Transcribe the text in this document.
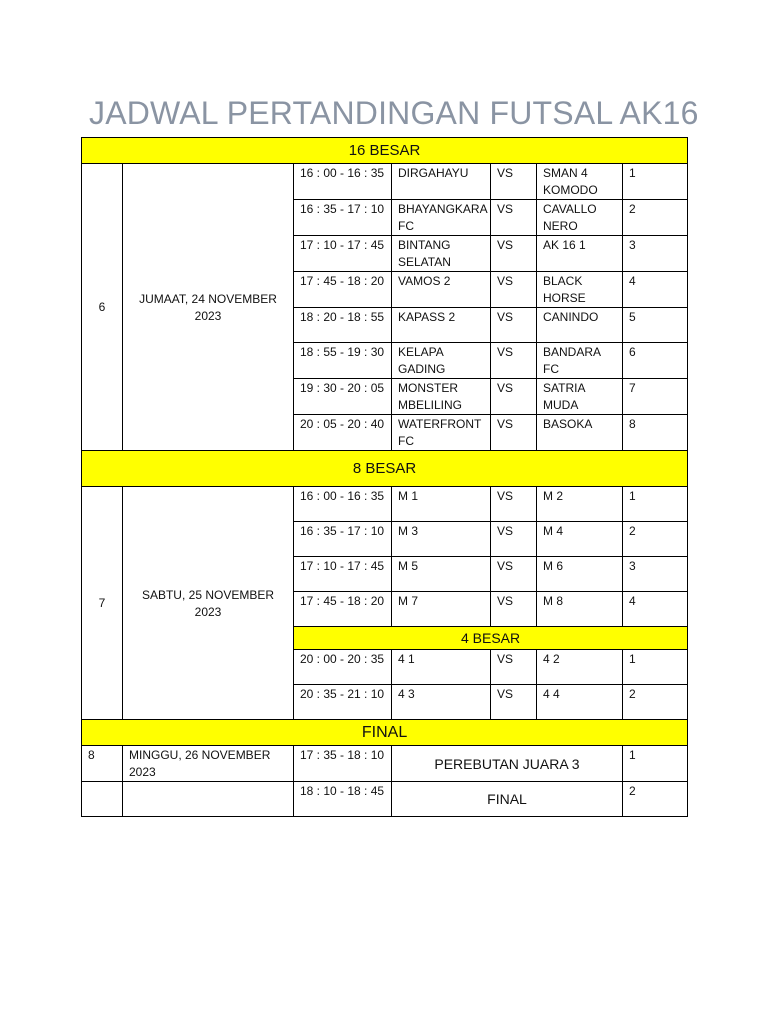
JADWAL PERTANDINGAN FUTSAL AK16
16 BESAR						
6	JUMAAT, 24 NOVEMBER 2023	16 : 00 - 16 : 35	DIRGAHAYU	VS	SMAN 4 KOMODO	1
		16 : 35 - 17 : 10	BHAYANGKARA FC	VS	CAVALLO NERO	2
		17 : 10 - 17 : 45	BINTANG SELATAN	VS	AK 16 1	3
		17 : 45 - 18 : 20	VAMOS 2	VS	BLACK HORSE	4
		18 : 20 - 18 : 55	KAPASS 2	VS	CANINDO	5
		18 : 55 - 19 : 30	KELAPA GADING	VS	BANDARA FC	6
		19 : 30 - 20 : 05	MONSTER MBELILING	VS	SATRIA MUDA	7
		20 : 05 - 20 : 40	WATERFRONT FC	VS	BASOKA	8
8 BESAR						
7	SABTU, 25 NOVEMBER 2023	16 : 00 - 16 : 35	M 1	VS	M 2	1
		16 : 35 - 17 : 10	M 3	VS	M 4	2
		17 : 10 - 17 : 45	M 5	VS	M 6	3
		17 : 45 - 18 : 20	M 7	VS	M 8	4
		4 BESAR				
		20 : 00 - 20 : 35	4 1	VS	4 2	1
		20 : 35 - 21 : 10	4 3	VS	4 4	2
FINAL						
8	MINGGU, 26 NOVEMBER 2023	17 : 35 - 18 : 10	PEREBUTAN JUARA 3			1
		18 : 10 - 18 : 45	FINAL			2
